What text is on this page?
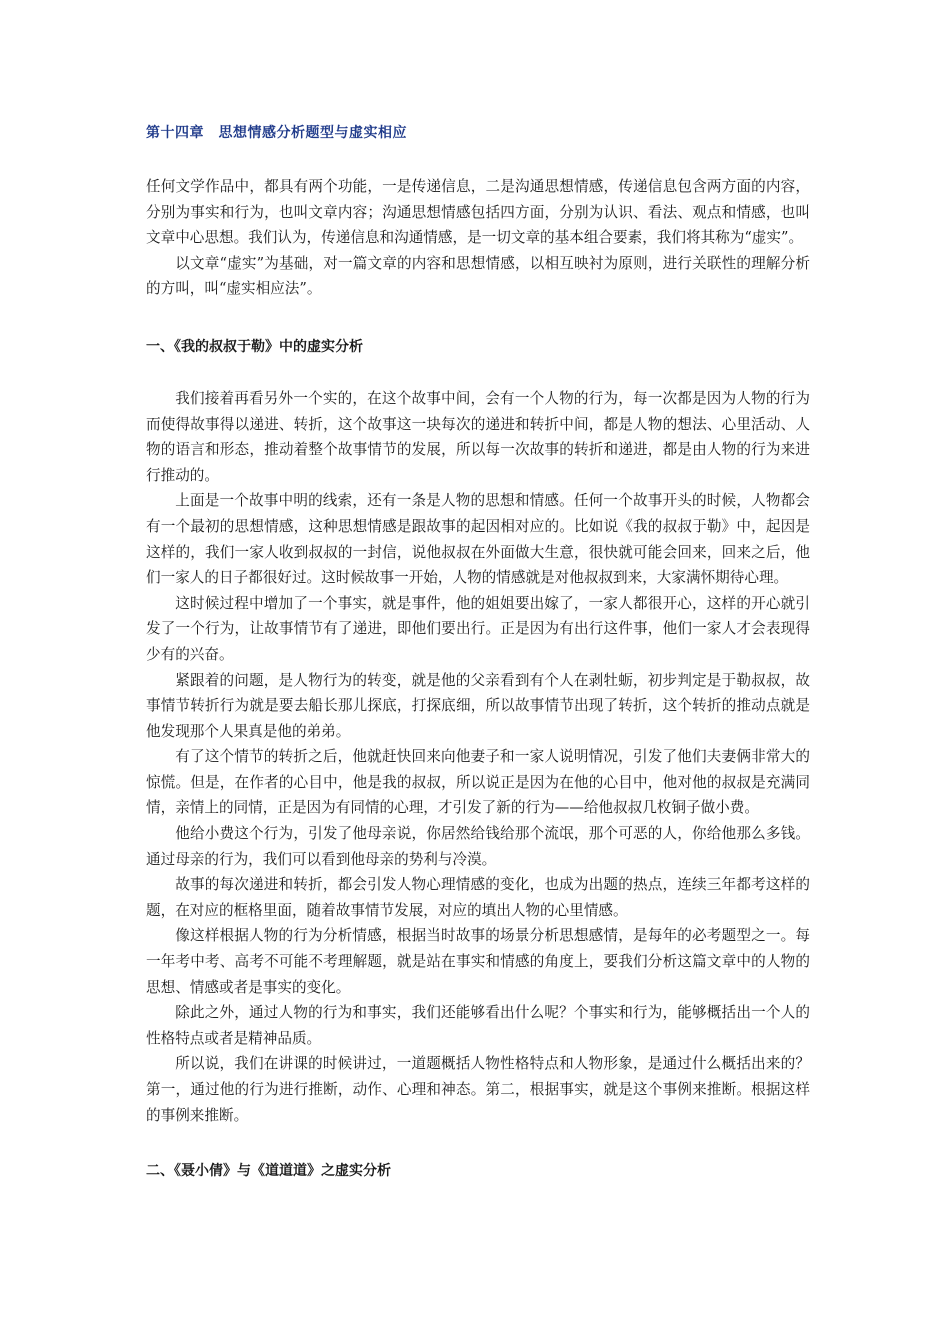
第十四章　思想情感分析题型与虚实相应

任何文学作品中，都具有两个功能，一是传递信息，二是沟通思想情感，传递信息包含两方面的内容，分别为事实和行为，也叫文章内容；沟通思想情感包括四方面，分别为认识、看法、观点和情感，也叫文章中心思想。我们认为，传递信息和沟通情感，是一切文章的基本组合要素，我们将其称为“虚实”。

以文章“虚实”为基础，对一篇文章的内容和思想情感，以相互映衬为原则，进行关联性的理解分析的方叫，叫“虚实相应法”。

一、《我的叔叔于勒》中的虚实分析

我们接着再看另外一个实的，在这个故事中间，会有一个人物的行为，每一次都是因为人物的行为而使得故事得以递进、转折，这个故事这一块每次的递进和转折中间，都是人物的想法、心里活动、人物的语言和形态，推动着整个故事情节的发展，所以每一次故事的转折和递进，都是由人物的行为来进行推动的。

上面是一个故事中明的线索，还有一条是人物的思想和情感。任何一个故事开头的时候，人物都会有一个最初的思想情感，这种思想情感是跟故事的起因相对应的。比如说《我的叔叔于勒》中，起因是这样的，我们一家人收到叔叔的一封信，说他叔叔在外面做大生意，很快就可能会回来，回来之后，他们一家人的日子都很好过。这时候故事一开始，人物的情感就是对他叔叔到来，大家满怀期待心理。

这时候过程中增加了一个事实，就是事件，他的姐姐要出嫁了，一家人都很开心，这样的开心就引发了一个行为，让故事情节有了递进，即他们要出行。正是因为有出行这件事，他们一家人才会表现得少有的兴奋。

紧跟着的问题，是人物行为的转变，就是他的父亲看到有个人在剥牡蛎，初步判定是于勒叔叔，故事情节转折行为就是要去船长那儿探底，打探底细，所以故事情节出现了转折，这个转折的推动点就是他发现那个人果真是他的弟弟。

有了这个情节的转折之后，他就赶快回来向他妻子和一家人说明情况，引发了他们夫妻俩非常大的惊慌。但是，在作者的心目中，他是我的叔叔，所以说正是因为在他的心目中，他对他的叔叔是充满同情，亲情上的同情，正是因为有同情的心理，才引发了新的行为——给他叔叔几枚铜子做小费。

他给小费这个行为，引发了他母亲说，你居然给钱给那个流氓，那个可恶的人，你给他那么多钱。通过母亲的行为，我们可以看到他母亲的势利与冷漠。

故事的每次递进和转折，都会引发人物心理情感的变化，也成为出题的热点，连续三年都考这样的题，在对应的框格里面，随着故事情节发展，对应的填出人物的心里情感。

像这样根据人物的行为分析情感，根据当时故事的场景分析思想感情，是每年的必考题型之一。每一年考中考、高考不可能不考理解题，就是站在事实和情感的角度上，要我们分析这篇文章中的人物的思想、情感或者是事实的变化。

除此之外，通过人物的行为和事实，我们还能够看出什么呢？个事实和行为，能够概括出一个人的性格特点或者是精神品质。

所以说，我们在讲课的时候讲过，一道题概括人物性格特点和人物形象，是通过什么概括出来的？第一，通过他的行为进行推断，动作、心理和神态。第二，根据事实，就是这个事例来推断。根据这样的事例来推断。

二、《聂小倩》与《道道道》之虚实分析
